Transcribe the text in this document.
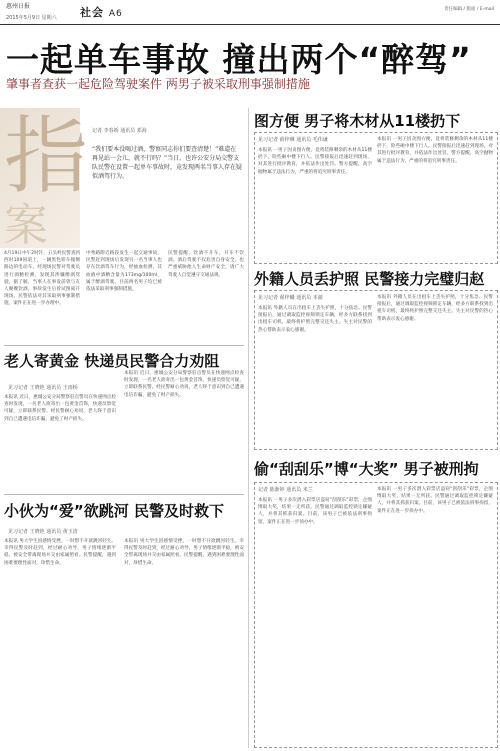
惠州日报
2015年5月9日 星期六 社会 A6	责任编辑 / 版面 / E-mail
一起单车事故 撞出两个“醉驾”
肇事者查获一起危险驾驶案件 两男子被采取刑事强制措施
指
案
记者 李春娇 通讯员 邓海
“我们要本没喝过酒，警察同志你们要查清楚！”难道在再见站一会儿，就不行吗？”当日，也许公安分局交警支队民警在设置一起单车事故时，竟发现两名当事人存在疑似酒驾行为。
4月19日中午2时许，五头岭民警查到西时109国道上，一辆黑色轿车撞倒路边的电动车，经现场民警对驾驶员进行酒精检测，发现其涉嫌醉酒驾驶。据了解，当事人在事发前曾与友人聚餐饮酒，事故发生后曾试图离开现场。民警依法对其采取刑事强制措施，案件正在进一步办理中。
中秀路附近路段发生一起交通事故，民警赶到现场后发现另一名当事人也存在饮酒驾车行为，经抽血检测，其血液中酒精含量为173mg/100ml，属于醉酒驾驶。目前两名男子均已被依法采取刑事强制措施。
民警提醒，饮酒不开车，开车不饮酒。酒后驾驶不仅危害自身安全，也严重威胁他人生命财产安全，请广大驾驶人自觉遵守交通法规。
老人寄黄金 快递员民警合力劝阻
见习记者 王晓艳 通讯员 王雨桥
本报讯 近日，惠城公安分局警察驻点警员在快递网点检查时发现，一名老人欲寄出一包黄金首饰，快递员察觉可疑，立即联系民警。经民警耐心劝说，老人终于意识到自己遭遇电信诈骗，避免了财产损失。
本报讯 近日，惠城公安分局警察驻点警员在快递网点检查时发现，一名老人欲寄出一包黄金首饰，快递员察觉可疑，立即联系民警。经民警耐心劝说，老人终于意识到自己遭遇电信诈骗，避免了财产损失。
小伙为“爱”欲跳河 民警及时救下
见习记者 王晓艳 通讯员 黄玉清
本报讯 男大学生因感情受挫，一时想不开欲跳河轻生。幸得民警及时赶到，经过耐心劝导，男子情绪逐渐平稳，被安全带离现场并交由家属照看。民警提醒，遇到困难要理性面对，珍惜生命。
本报讯 男大学生因感情受挫，一时想不开欲跳河轻生。幸得民警及时赶到，经过耐心劝导，男子情绪逐渐平稳，被安全带离现场并交由家属照看。民警提醒，遇到困难要理性面对，珍惜生命。
图方便 男子将木材从11楼扔下
见习记者 薛梓琳 通讯员 毛伟谦
本报讯 一男子因贪图方便，竟将装修剩余的木材从11楼扔下，险些砸中楼下行人。民警接报后迅速赶到现场，对其进行批评教育，并依法作出处罚。警方提醒，高空抛物属于违法行为，严重的将追究刑事责任。
本报讯 一男子因贪图方便，竟将装修剩余的木材从11楼扔下，险些砸中楼下行人。民警接报后迅速赶到现场，对其进行批评教育，并依法作出处罚。警方提醒，高空抛物属于违法行为，严重的将追究刑事责任。
外籍人员丢护照 民警接力完璧归赵
见习记者 翟梓曦 通讯员 本澈
本报讯 外籍人员在出租车上丢失护照，十分焦急。民警接报后，通过调取监控视频锁定车辆，经多方联系找到出租车司机，最终将护照完整交还失主。失主对民警的热心帮助表示衷心感谢。
本报讯 外籍人员在出租车上丢失护照，十分焦急。民警接报后，通过调取监控视频锁定车辆，经多方联系找到出租车司机，最终将护照完整交还失主。失主对民警的热心帮助表示衷心感谢。
偷“刮刮乐”博“大奖” 男子被刑拘
记者 陈渐婷 通讯员 米兰
本报讯 一男子多次潜入彩票店盗窃“刮刮乐”彩票，企图博取大奖，结果一无所获。民警通过调取监控锁定嫌疑人，并将其抓获归案。目前，该男子已被依法刑事拘留，案件正在进一步侦办中。
本报讯 一男子多次潜入彩票店盗窃“刮刮乐”彩票，企图博取大奖，结果一无所获。民警通过调取监控锁定嫌疑人，并将其抓获归案。目前，该男子已被依法刑事拘留，案件正在进一步侦办中。
